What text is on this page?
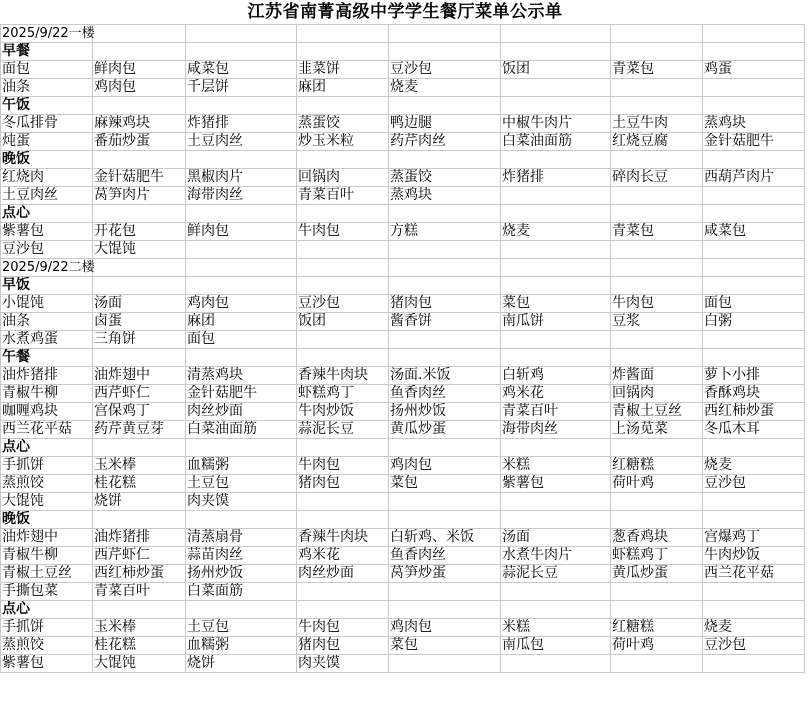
江苏省南菁高级中学学生餐厅菜单公示单
2025/9/22一楼							
早餐							
面包	鲜肉包	咸菜包	韭菜饼	豆沙包	饭团	青菜包	鸡蛋
油条	鸡肉包	千层饼	麻团	烧麦			
午饭							
冬瓜排骨	麻辣鸡块	炸猪排	蒸蛋饺	鸭边腿	中椒牛肉片	土豆牛肉	蒸鸡块
炖蛋	番茄炒蛋	土豆肉丝	炒玉米粒	药芹肉丝	白菜油面筋	红烧豆腐	金针菇肥牛
晚饭							
红烧肉	金针菇肥牛	黑椒肉片	回锅肉	蒸蛋饺	炸猪排	碎肉长豆	西葫芦肉片
土豆肉丝	莴笋肉片	海带肉丝	青菜百叶	蒸鸡块			
点心							
紫薯包	开花包	鲜肉包	牛肉包	方糕	烧麦	青菜包	咸菜包
豆沙包	大馄饨						
2025/9/22二楼							
早饭							
小馄饨	汤面	鸡肉包	豆沙包	猪肉包	菜包	牛肉包	面包
油条	卤蛋	麻团	饭团	酱香饼	南瓜饼	豆浆	白粥
水煮鸡蛋	三角饼	面包					
午餐							
油炸猪排	油炸翅中	清蒸鸡块	香辣牛肉块	汤面.米饭	白斩鸡	炸酱面	萝卜小排
青椒牛柳	西芹虾仁	金针菇肥牛	虾糕鸡丁	鱼香肉丝	鸡米花	回锅肉	香酥鸡块
咖喱鸡块	宫保鸡丁	肉丝炒面	牛肉炒饭	扬州炒饭	青菜百叶	青椒土豆丝	西红柿炒蛋
西兰花平菇	药芹黄豆芽	白菜油面筋	蒜泥长豆	黄瓜炒蛋	海带肉丝	上汤苋菜	冬瓜木耳
点心							
手抓饼	玉米棒	血糯粥	牛肉包	鸡肉包	米糕	红糖糕	烧麦
蒸煎饺	桂花糕	土豆包	猪肉包	菜包	紫薯包	荷叶鸡	豆沙包
大馄饨	烧饼	肉夹馍					
晚饭							
油炸翅中	油炸猪排	清蒸扇骨	香辣牛肉块	白斩鸡、米饭	汤面	葱香鸡块	宫爆鸡丁
青椒牛柳	西芹虾仁	蒜苗肉丝	鸡米花	鱼香肉丝	水煮牛肉片	虾糕鸡丁	牛肉炒饭
青椒土豆丝	西红柿炒蛋	扬州炒饭	肉丝炒面	莴笋炒蛋	蒜泥长豆	黄瓜炒蛋	西兰花平菇
手撕包菜	青菜百叶	白菜面筋					
点心							
手抓饼	玉米棒	土豆包	牛肉包	鸡肉包	米糕	红糖糕	烧麦
蒸煎饺	桂花糕	血糯粥	猪肉包	菜包	南瓜包	荷叶鸡	豆沙包
紫薯包	大馄饨	烧饼	肉夹馍				
